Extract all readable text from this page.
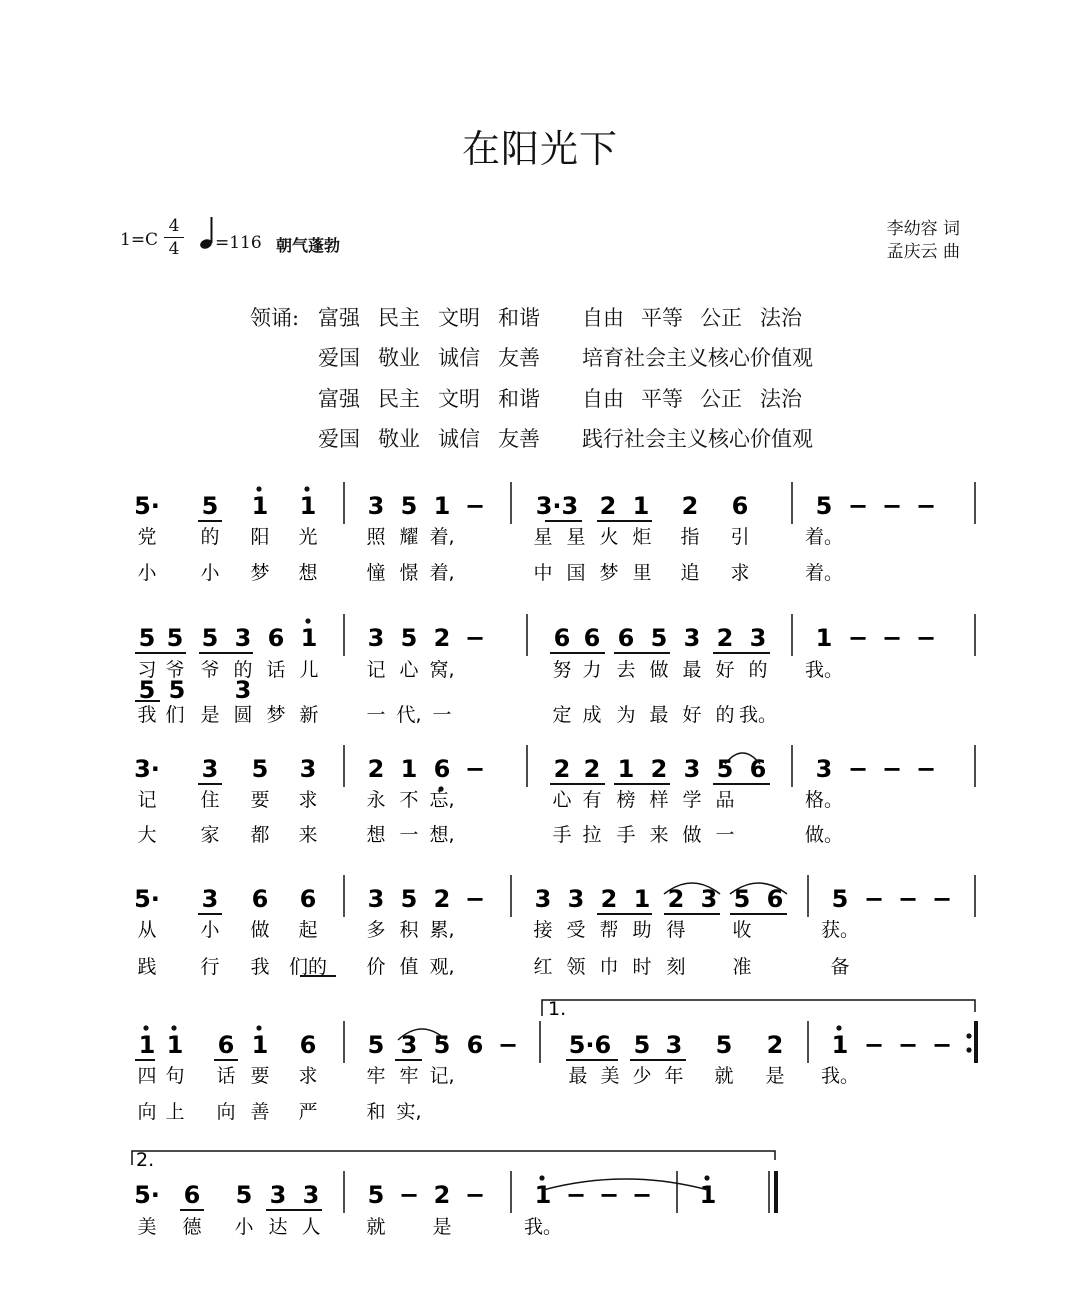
在阳光下
1=C
4
4	=116 朝气蓬勃
李幼容 词
孟庆云 曲
领诵: 富强 民主 文明 和谐 自由 平等 公正 法治
爱国 敬业 诚信 友善 培育社会主义核心价值观
富强 民主 文明 和谐 自由 平等 公正 法治
爱国 敬业 诚信 友善 践行社会主义核心价值观
5· 5 1 1 3 5 1 − 3·3 2 1 2 6	5 − − −
党 的 阳 光	照 耀 着,	星 星 火 炬 指 引	着。
小 小 梦 想	憧 憬 着,	中 国 梦 里 追 求	着。
5 5 5 3 6 1 3 5 2 −	6 6 6 5 3 2 3 1 − − −
习 爷 爷 的 话 儿	记 心 窝,	努 力 去 做 最 好 的 我。
我 们 是 圆 梦 新	一 代, 一	定 成 为 最 好 的 我。
3· 3 5 3 2 1 6 −	2 2 1 2 3 5 6 3 − − −
记 住 要 求	永 不 忘,	心 有 榜 样 学 品	格。
大 家 都 来	想 一 想,	手 拉 手 来 做 一	做。
5· 3 6 6 3 5 2 − 3 3 2 1 2 3 5 6 5 − − −
从 小 做 起	多 积 累,	接 受 帮 助 得 收	获。
践 行 我 们的 价 值 观,	红 领 巾 时 刻 准	备
1 1 6 1 6 5 3 5 6 − 5·6 5 3 5 2 1 − − −
四 句 话 要 求	牢 牢 记,	最 美 少 年 就 是 我。
向 上 向 善 严	和 实,
5· 6 5 3 3 5 − 2 − 1 − − − 1
美 德 小 达 人 就 是	我。
5 5 3
1.
2.
